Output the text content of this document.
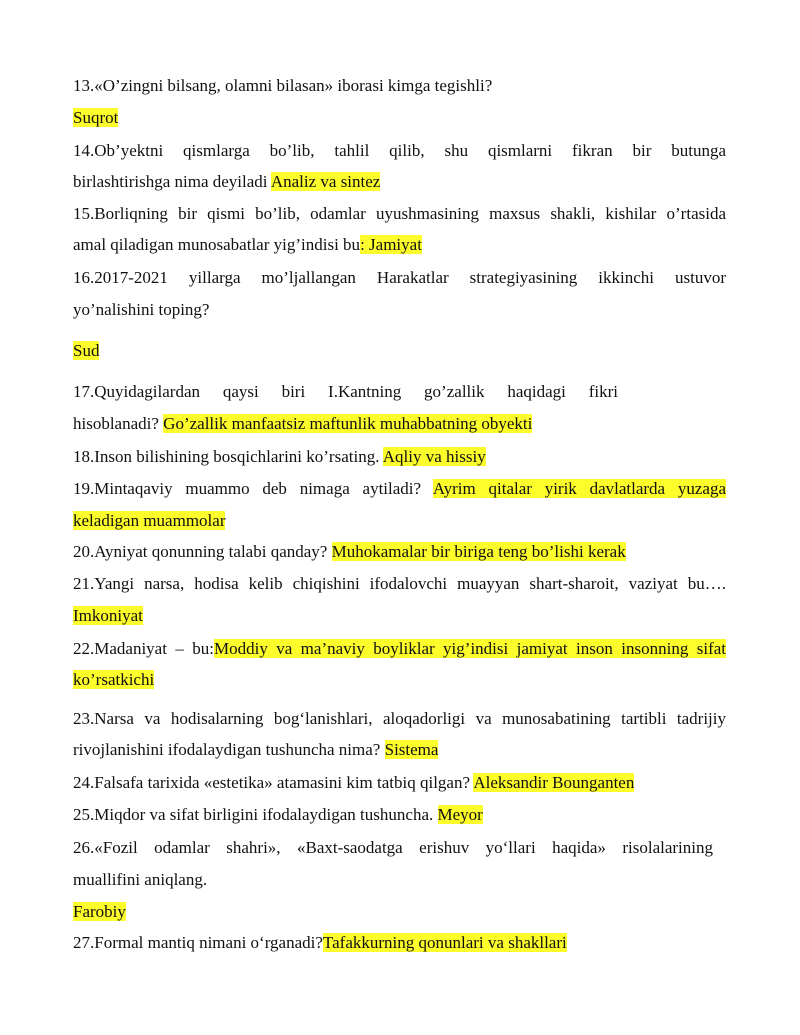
13.«O’zingni bilsang, olamni bilasan» iborasi kimga tegishli?
Suqrot
14.Ob’yektni qismlarga bo’lib, tahlil qilib, shu qismlarni fikran bir butunga
birlashtirishga nima deyiladi Analiz va sintez
15.Borliqning bir qismi bo’lib, odamlar uyushmasining maxsus shakli, kishilar o’rtasida
amal qiladigan munosabatlar yig’indisi bu: Jamiyat
16.2017-2021 yillarga mo’ljallangan Harakatlar strategiyasining ikkinchi ustuvor
yo’nalishini toping?
Sud
17.Quyidagilardan qaysi biri I.Kantning go’zallik haqidagi fikri
hisoblanadi? Go’zallik manfaatsiz maftunlik muhabbatning obyekti
18.Inson bilishining bosqichlarini ko’rsating. Aqliy va hissiy
19.Mintaqaviy muammo deb nimaga aytiladi? Ayrim qitalar yirik davlatlarda yuzaga
keladigan muammolar
20.Ayniyat qonunning talabi qanday? Muhokamalar bir biriga teng bo’lishi kerak
21.Yangi narsa, hodisa kelib chiqishini ifodalovchi muayyan shart-sharoit, vaziyat bu….
Imkoniyat
22.Madaniyat – bu:Moddiy va ma’naviy boyliklar yig’indisi jamiyat inson insonning sifat
ko’rsatkichi
23.Narsa va hodisalarning bog‘lanishlari, aloqadorligi va munosabatining tartibli tadrijiy
rivojlanishini ifodalaydigan tushuncha nima? Sistema
24.Falsafa tarixida «estetika» atamasini kim tatbiq qilgan? Aleksandir Bounganten
25.Miqdor va sifat birligini ifodalaydigan tushuncha. Meyor
26.«Fozil odamlar shahri», «Baxt-saodatga erishuv yo‘llari haqida» risolalarining
muallifini aniqlang.
Farobiy
27.Formal mantiq nimani o‘rganadi?Tafakkurning qonunlari va shakllari
